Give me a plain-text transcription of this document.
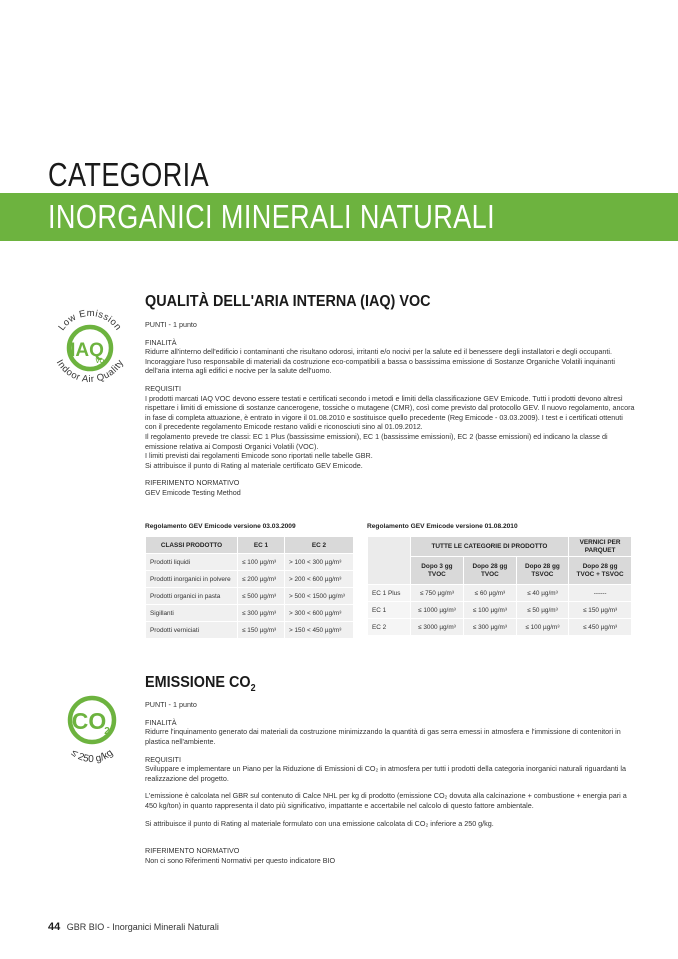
CATEGORIA
INORGANICI MINERALI NATURALI
IAQ
VOC
Low Emission
Indoor Air Quality
QUALITÀ DELL'ARIA INTERNA (IAQ) VOC
PUNTI - 1 punto
FINALITÀ
Ridurre all'interno dell'edificio i contaminanti che risultano odorosi, irritanti e/o nocivi per la salute ed il benessere degli installatori e degli occupanti. Incoraggiare l'uso responsabile di materiali da costruzione eco-compatibili a bassa o bassissima emissione di Sostanze Organiche Volatili inquinanti dell'aria interna agli edifici e nocive per la salute dell'uomo.
REQUISITI
I prodotti marcati IAQ VOC devono essere testati e certificati secondo i metodi e limiti della classificazione GEV Emicode. Tutti i prodotti devono altresì rispettare i limiti di emissione di sostanze cancerogene, tossiche o mutagene (CMR), così come previsto dal protocollo GEV. Il nuovo regolamento, ancora in fase di completa attuazione, è entrato in vigore il 01.08.2010 e sostituisce quello precedente (Reg Emicode - 03.03.2009). I test e i certificati ottenuti con il precedente regolamento Emicode restano validi e riconosciuti sino al 01.09.2012.
Il regolamento prevede tre classi: EC 1 Plus (bassissime emissioni), EC 1 (bassissime emissioni), EC 2 (basse emissioni) ed indicano la classe di emissione relativa ai Composti Organici Volatili (VOC).
I limiti previsti dai regolamenti Emicode sono riportati nelle tabelle GBR.
Si attribuisce il punto di Rating al materiale certificato GEV Emicode.
RIFERIMENTO NORMATIVO
GEV Emicode Testing Method
Regolamento GEV Emicode versione 03.03.2009
CLASSI PRODOTTO	EC 1	EC 2
Prodotti liquidi	≤ 100 µg/m³	> 100 < 300 µg/m³
Prodotti inorganici in polvere	≤ 200 µg/m³	> 200 < 600 µg/m³
Prodotti organici in pasta	≤ 500 µg/m³	> 500 < 1500 µg/m³
Sigillanti	≤ 300 µg/m³	> 300 < 600 µg/m³
Prodotti verniciati	≤ 150 µg/m³	> 150 < 450 µg/m³
Regolamento GEV Emicode versione 01.08.2010
	TUTTE LE CATEGORIE DI PRODOTTO			VERNICI PER PARQUET
	Dopo 3 gg TVOC	Dopo 28 gg TVOC	Dopo 28 gg TSVOC	Dopo 28 gg TVOC + TSVOC
EC 1 Plus	≤ 750 µg/m³	≤ 60 µg/m³	≤ 40 µg/m³	------
EC 1	≤ 1000 µg/m³	≤ 100 µg/m³	≤ 50 µg/m³	≤ 150 µg/m³
EC 2	≤ 3000 µg/m³	≤ 300 µg/m³	≤ 100 µg/m³	≤ 450 µg/m³
CO
2
≤ 250 g/kg
EMISSIONE $CO_2$
PUNTI - 1 punto
FINALITÀ
Ridurre l'inquinamento generato dai materiali da costruzione minimizzando la quantità di gas serra emessi in atmosfera e l'immissione di contenitori in plastica nell'ambiente.
REQUISITI
Sviluppare e implementare un Piano per la Riduzione di Emissioni di CO₂ in atmosfera per tutti i prodotti della categoria inorganici naturali riguardanti la realizzazione del progetto.
L'emissione è calcolata nel GBR sul contenuto di Calce NHL per kg di prodotto (emissione CO₂ dovuta alla calcinazione + combustione + energia pari a 450 kg/ton) in quanto rappresenta il dato più significativo, impattante e accertabile nel calcolo di questo fattore ambientale.
Si attribuisce il punto di Rating al materiale formulato con una emissione calcolata di CO₂ inferiore a 250 g/kg.
RIFERIMENTO NORMATIVO
Non ci sono Riferimenti Normativi per questo indicatore BIO
44 GBR BIO - Inorganici Minerali Naturali
